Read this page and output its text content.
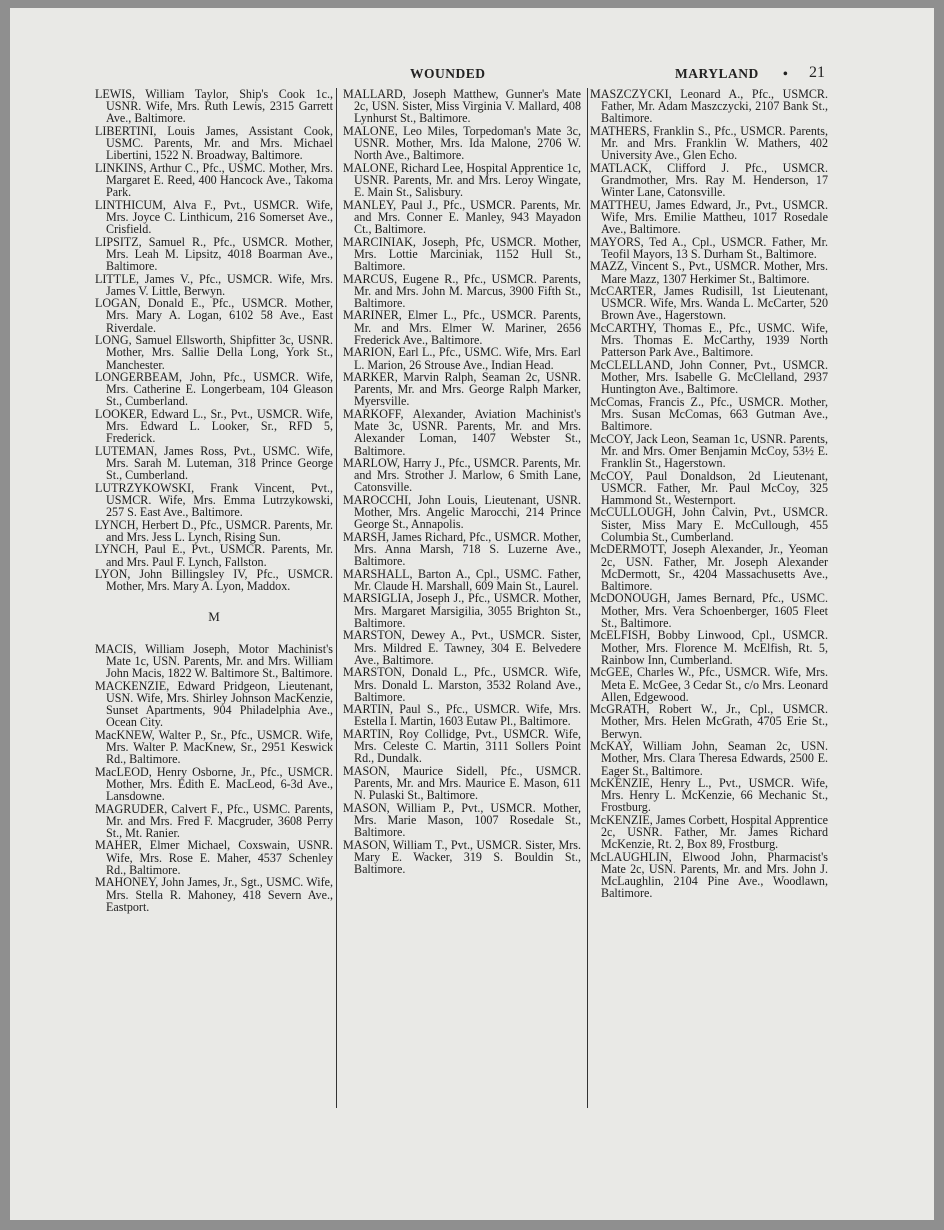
WOUNDED	MARYLAND • 21

LEWIS, William Taylor, Ship's Cook 1c., USNR. Wife, Mrs. Ruth Lewis, 2315 Garrett Ave., Baltimore.

LIBERTINI, Louis James, Assistant Cook, USMC. Parents, Mr. and Mrs. Michael Libertini, 1522 N. Broadway, Baltimore.

LINKINS, Arthur C., Pfc., USMC. Mother, Mrs. Margaret E. Reed, 400 Hancock Ave., Takoma Park.

LINTHICUM, Alva F., Pvt., USMCR. Wife, Mrs. Joyce C. Linthicum, 216 Somerset Ave., Crisfield.

LIPSITZ, Samuel R., Pfc., USMCR. Mother, Mrs. Leah M. Lipsitz, 4018 Boarman Ave., Baltimore.

LITTLE, James V., Pfc., USMCR. Wife, Mrs. James V. Little, Berwyn.

LOGAN, Donald E., Pfc., USMCR. Mother, Mrs. Mary A. Logan, 6102 58 Ave., East Riverdale.

LONG, Samuel Ellsworth, Shipfitter 3c, USNR. Mother, Mrs. Sallie Della Long, York St., Manchester.

LONGERBEAM, John, Pfc., USMCR. Wife, Mrs. Catherine E. Longerbeam, 104 Gleason St., Cumberland.

LOOKER, Edward L., Sr., Pvt., USMCR. Wife, Mrs. Edward L. Looker, Sr., RFD 5, Frederick.

LUTEMAN, James Ross, Pvt., USMC. Wife, Mrs. Sarah M. Luteman, 318 Prince George St., Cumberland.

LUTRZYKOWSKI, Frank Vincent, Pvt., USMCR. Wife, Mrs. Emma Lutrzykowski, 257 S. East Ave., Baltimore.

LYNCH, Herbert D., Pfc., USMCR. Parents, Mr. and Mrs. Jess L. Lynch, Rising Sun.

LYNCH, Paul E., Pvt., USMCR. Parents, Mr. and Mrs. Paul F. Lynch, Fallston.

LYON, John Billingsley IV, Pfc., USMCR. Mother, Mrs. Mary A. Lyon, Maddox.

M

MACIS, William Joseph, Motor Machinist's Mate 1c, USN. Parents, Mr. and Mrs. William John Macis, 1822 W. Baltimore St., Baltimore.

MACKENZIE, Edward Pridgeon, Lieutenant, USN. Wife, Mrs. Shirley Johnson MacKenzie, Sunset Apartments, 904 Philadelphia Ave., Ocean City.

MacKNEW, Walter P., Sr., Pfc., USMCR. Wife, Mrs. Walter P. MacKnew, Sr., 2951 Keswick Rd., Baltimore.

MacLEOD, Henry Osborne, Jr., Pfc., USMCR. Mother, Mrs. Edith E. MacLeod, 6-3d Ave., Lansdowne.

MAGRUDER, Calvert F., Pfc., USMC. Parents, Mr. and Mrs. Fred F. Macgruder, 3608 Perry St., Mt. Ranier.

MAHER, Elmer Michael, Coxswain, USNR. Wife, Mrs. Rose E. Maher, 4537 Schenley Rd., Baltimore.

MAHONEY, John James, Jr., Sgt., USMC. Wife, Mrs. Stella R. Mahoney, 418 Severn Ave., Eastport.

MALLARD, Joseph Matthew, Gunner's Mate 2c, USN. Sister, Miss Virginia V. Mallard, 408 Lynhurst St., Baltimore.

MALONE, Leo Miles, Torpedoman's Mate 3c, USNR. Mother, Mrs. Ida Malone, 2706 W. North Ave., Baltimore.

MALONE, Richard Lee, Hospital Apprentice 1c, USNR. Parents, Mr. and Mrs. Leroy Wingate, E. Main St., Salisbury.

MANLEY, Paul J., Pfc., USMCR. Parents, Mr. and Mrs. Conner E. Manley, 943 Mayadon Ct., Baltimore.

MARCINIAK, Joseph, Pfc, USMCR. Mother, Mrs. Lottie Marciniak, 1152 Hull St., Baltimore.

MARCUS, Eugene R., Pfc., USMCR. Parents, Mr. and Mrs. John M. Marcus, 3900 Fifth St., Baltimore.

MARINER, Elmer L., Pfc., USMCR. Parents, Mr. and Mrs. Elmer W. Mariner, 2656 Frederick Ave., Baltimore.

MARION, Earl L., Pfc., USMC. Wife, Mrs. Earl L. Marion, 26 Strouse Ave., Indian Head.

MARKER, Marvin Ralph, Seaman 2c, USNR. Parents, Mr. and Mrs. George Ralph Marker, Myersville.

MARKOFF, Alexander, Aviation Machinist's Mate 3c, USNR. Parents, Mr. and Mrs. Alexander Loman, 1407 Webster St., Baltimore.

MARLOW, Harry J., Pfc., USMCR. Parents, Mr. and Mrs. Strother J. Marlow, 6 Smith Lane, Catonsville.

MAROCCHI, John Louis, Lieutenant, USNR. Mother, Mrs. Angelic Marocchi, 214 Prince George St., Annapolis.

MARSH, James Richard, Pfc., USMCR. Mother, Mrs. Anna Marsh, 718 S. Luzerne Ave., Baltimore.

MARSHALL, Barton A., Cpl., USMC. Father, Mr. Claude H. Marshall, 609 Main St., Laurel.

MARSIGLIA, Joseph J., Pfc., USMCR. Mother, Mrs. Margaret Marsigilia, 3055 Brighton St., Baltimore.

MARSTON, Dewey A., Pvt., USMCR. Sister, Mrs. Mildred E. Tawney, 304 E. Belvedere Ave., Baltimore.

MARSTON, Donald L., Pfc., USMCR. Wife, Mrs. Donald L. Marston, 3532 Roland Ave., Baltimore.

MARTIN, Paul S., Pfc., USMCR. Wife, Mrs. Estella I. Martin, 1603 Eutaw Pl., Baltimore.

MARTIN, Roy Collidge, Pvt., USMCR. Wife, Mrs. Celeste C. Martin, 3111 Sollers Point Rd., Dundalk.

MASON, Maurice Sidell, Pfc., USMCR. Parents, Mr. and Mrs. Maurice E. Mason, 611 N. Pulaski St., Baltimore.

MASON, William P., Pvt., USMCR. Mother, Mrs. Marie Mason, 1007 Rosedale St., Baltimore.

MASON, William T., Pvt., USMCR. Sister, Mrs. Mary E. Wacker, 319 S. Bouldin St., Baltimore.

MASZCZYCKI, Leonard A., Pfc., USMCR. Father, Mr. Adam Maszczycki, 2107 Bank St., Baltimore.

MATHERS, Franklin S., Pfc., USMCR. Parents, Mr. and Mrs. Franklin W. Mathers, 402 University Ave., Glen Echo.

MATLACK, Clifford J. Pfc., USMCR. Grandmother, Mrs. Ray M. Henderson, 17 Winter Lane, Catonsville.

MATTHEU, James Edward, Jr., Pvt., USMCR. Wife, Mrs. Emilie Mattheu, 1017 Rosedale Ave., Baltimore.

MAYORS, Ted A., Cpl., USMCR. Father, Mr. Teofil Mayors, 13 S. Durham St., Baltimore.

MAZZ, Vincent S., Pvt., USMCR. Mother, Mrs. Mare Mazz, 1307 Herkimer St., Baltimore.

McCARTER, James Rudisill, 1st Lieutenant, USMCR. Wife, Mrs. Wanda L. McCarter, 520 Brown Ave., Hagerstown.

McCARTHY, Thomas E., Pfc., USMC. Wife, Mrs. Thomas E. McCarthy, 1939 North Patterson Park Ave., Baltimore.

McCLELLAND, John Conner, Pvt., USMCR. Mother, Mrs. Isabelle G. McClelland, 2937 Huntington Ave., Baltimore.

McComas, Francis Z., Pfc., USMCR. Mother, Mrs. Susan McComas, 663 Gutman Ave., Baltimore.

McCOY, Jack Leon, Seaman 1c, USNR. Parents, Mr. and Mrs. Omer Benjamin McCoy, 53½ E. Franklin St., Hagerstown.

McCOY, Paul Donaldson, 2d Lieutenant, USMCR. Father, Mr. Paul McCoy, 325 Hammond St., Westernport.

McCULLOUGH, John Calvin, Pvt., USMCR. Sister, Miss Mary E. McCullough, 455 Columbia St., Cumberland.

McDERMOTT, Joseph Alexander, Jr., Yeoman 2c, USN. Father, Mr. Joseph Alexander McDermott, Sr., 4204 Massachusetts Ave., Baltimore.

McDONOUGH, James Bernard, Pfc., USMC. Mother, Mrs. Vera Schoenberger, 1605 Fleet St., Baltimore.

McELFISH, Bobby Linwood, Cpl., USMCR. Mother, Mrs. Florence M. McElfish, Rt. 5, Rainbow Inn, Cumberland.

McGEE, Charles W., Pfc., USMCR. Wife, Mrs. Meta E. McGee, 3 Cedar St., c/o Mrs. Leonard Allen, Edgewood.

McGRATH, Robert W., Jr., Cpl., USMCR. Mother, Mrs. Helen McGrath, 4705 Erie St., Berwyn.

McKAY, William John, Seaman 2c, USN. Mother, Mrs. Clara Theresa Edwards, 2500 E. Eager St., Baltimore.

McKENZIE, Henry L., Pvt., USMCR. Wife, Mrs. Henry L. McKenzie, 66 Mechanic St., Frostburg.

McKENZIE, James Corbett, Hospital Apprentice 2c, USNR. Father, Mr. James Richard McKenzie, Rt. 2, Box 89, Frostburg.

McLAUGHLIN, Elwood John, Pharmacist's Mate 2c, USN. Parents, Mr. and Mrs. John J. McLaughlin, 2104 Pine Ave., Woodlawn, Baltimore.
